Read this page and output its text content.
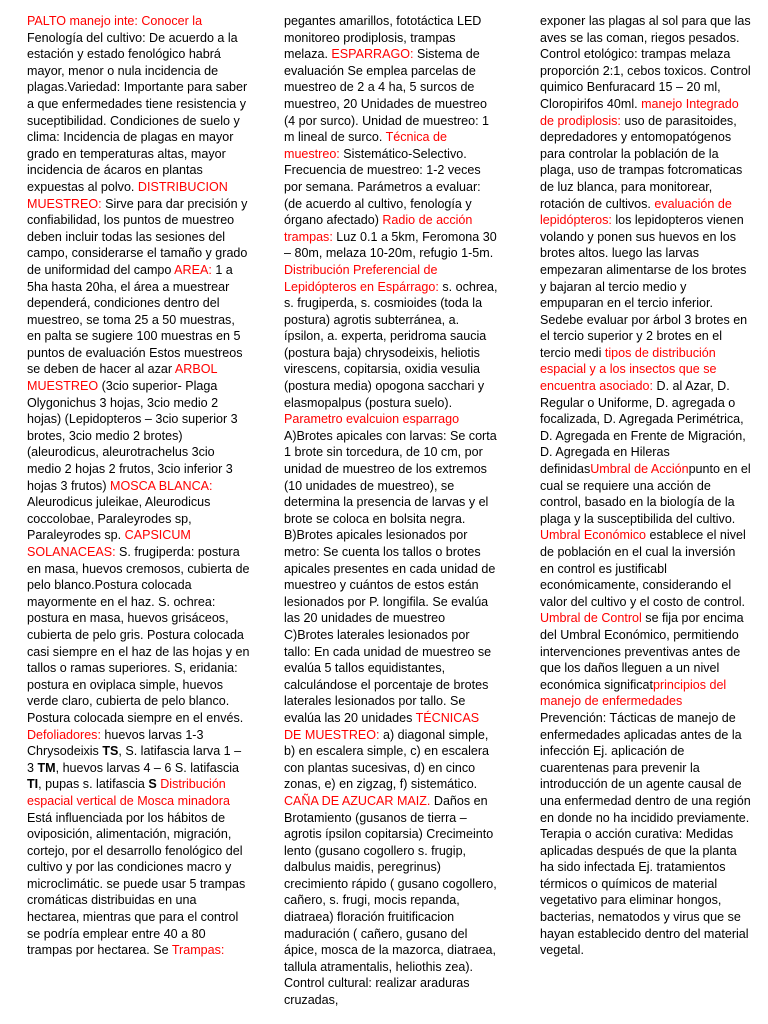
PALTO manejo inte: Conocer la Fenología del cultivo: De acuerdo a la estación y estado fenológico habrá mayor, menor o nula incidencia de plagas.Variedad: Importante para saber a que enfermedades tiene resistencia y suceptibilidad. Condiciones de suelo y clima: Incidencia de plagas en mayor grado en temperaturas altas, mayor incidencia de ácaros en plantas expuestas al polvo. DISTRIBUCION MUESTREO: Sirve para dar precisión y confiabilidad, los puntos de muestreo deben incluir todas las sesiones del campo, considerarse el tamaño y grado de uniformidad del campo AREA: 1 a 5ha hasta 20ha, el área a muestrear dependerá, condiciones dentro del muestreo, se toma 25 a 50 muestras, en palta se sugiere 100 muestras en 5 puntos de evaluación Estos muestreos se deben de hacer al azar ARBOL MUESTREO (3cio superior- Plaga Olygonichus 3 hojas, 3cio medio 2 hojas) (Lepidopteros – 3cio superior 3 brotes, 3cio medio 2 brotes) (aleurodicus, aleurotrachelus 3cio medio 2 hojas 2 frutos, 3cio inferior 3 hojas 3 frutos) MOSCA BLANCA: Aleurodicus juleikae, Aleurodicus coccolobae, Paraleyrodes sp, Paraleyrodes sp. CAPSICUM SOLANACEAS: S. frugiperda: postura en masa, huevos cremosos, cubierta de pelo blanco.Postura colocada mayormente en el haz. S. ochrea: postura en masa, huevos grisáceos, cubierta de pelo gris. Postura colocada casi siempre en el haz de las hojas y en tallos o ramas superiores. S, eridania: postura en oviplaca simple, huevos verde claro, cubierta de pelo blanco. Postura colocada siempre en el envés. Defoliadores: huevos larvas 1-3 Chrysodeixis TS, S. latifascia larva 1 – 3 TM, huevos larvas 4 – 6 S. latifascia TI, pupas s. latifascia S Distribución espacial vertical de Mosca minadora Está influenciada por los hábitos de oviposición, alimentación, migración, cortejo, por el desarrollo fenológico del cultivo y por las condiciones macro y microclimátic. se puede usar 5 trampas cromáticas distribuidas en una hectarea, mientras que para el control se podría emplear entre 40 a 80 trampas por hectarea. Se Trampas:
pegantes amarillos, fototáctica LED monitoreo prodiplosis, trampas melaza. ESPARRAGO: Sistema de evaluación Se emplea parcelas de muestreo de 2 a 4 ha, 5 surcos de muestreo, 20 Unidades de muestreo (4 por surco). Unidad de muestreo: 1 m lineal de surco. Técnica de muestreo: Sistemático-Selectivo. Frecuencia de muestreo: 1-2 veces por semana. Parámetros a evaluar: (de acuerdo al cultivo, fenología y órgano afectado) Radio de acción trampas: Luz 0.1 a 5km, Feromona 30 – 80m, melaza 10-20m, refugio 1-5m. Distribución Preferencial de Lepidópteros en Espárrago: s. ochrea, s. frugiperda, s. cosmioides (toda la postura) agrotis subterránea, a. ípsilon, a. experta, peridroma saucia (postura baja) chrysodeixis, heliotis virescens, copitarsia, oxidia vesulia (postura media) opogona sacchari y elasmopalpus (postura suelo). Parametro evalcuion esparrago A)Brotes apicales con larvas: Se corta 1 brote sin torcedura, de 10 cm, por unidad de muestreo de los extremos (10 unidades de muestreo), se determina la presencia de larvas y el brote se coloca en bolsita negra. B)Brotes apicales lesionados por metro: Se cuenta los tallos o brotes apicales presentes en cada unidad de muestreo y cuántos de estos están lesionados por P. longifila. Se evalúa las 20 unidades de muestreo C)Brotes laterales lesionados por tallo: En cada unidad de muestreo se evalúa 5 tallos equidistantes, calculándose el porcentaje de brotes laterales lesionados por tallo. Se evalúa las 20 unidades TÉCNICAS DE MUESTREO: a) diagonal simple, b) en escalera simple, c) en escalera con plantas sucesivas, d) en cinco zonas, e) en zigzag, f) sistemático. CAÑA DE AZUCAR MAIZ. Daños en Brotamiento (gusanos de tierra – agrotis ípsilon copitarsia) Crecimeinto lento (gusano cogollero s. frugip, dalbulus maidis, peregrinus) crecimiento rápido ( gusano cogollero, cañero, s. frugi, mocis repanda, diatraea) floración fruitificacion maduración ( cañero, gusano del ápice, mosca de la mazorca, diatraea, tallula atramentalis, heliothis zea). Control cultural: realizar araduras cruzadas,
exponer las plagas al sol para que las aves se las coman, riegos pesados. Control etológico: trampas melaza proporción 2:1, cebos toxicos. Control quimico Benfuracard 15 – 20 ml, Cloropirifos 40ml. manejo Integrado de prodiplosis: uso de parasitoides, depredadores y entomopatógenos para controlar la población de la plaga, uso de trampas fotcromaticas de luz blanca, para monitorear, rotación de cultivos. evaluación de lepidópteros: los lepidopteros vienen volando y ponen sus huevos en los brotes altos. luego las larvas empezaran alimentarse de los brotes y bajaran al tercio medio y empuparan en el tercio inferior. Sedebe evaluar por árbol 3 brotes en el tercio superior y 2 brotes en el tercio medi tipos de distribución espacial y a los insectos que se encuentra asociado: D. al Azar, D. Regular o Uniforme, D. agregada o focalizada, D. Agregada Perimétrica, D. Agregada en Frente de Migración, D. Agregada en Hileras definidasUmbral de Acciónpunto en el cual se requiere una acción de control, basado en la biología de la plaga y la susceptibilida del cultivo. Umbral Económico establece el nivel de población en el cual la inversión en control es justificabl económicamente, considerando el valor del cultivo y el costo de control. Umbral de Control se fija por encima del Umbral Económico, permitiendo intervenciones preventivas antes de que los daños lleguen a un nivel económica significatprincipios del manejo de enfermedades Prevención: Tácticas de manejo de enfermedades aplicadas antes de la infección Ej. aplicación de cuarentenas para prevenir la introducción de un agente causal de una enfermedad dentro de una región en donde no ha incidido previamente. Terapia o acción curativa: Medidas aplicadas después de que la planta ha sido infectada Ej. tratamientos térmicos o químicos de material vegetativo para eliminar hongos, bacterias, nematodos y virus que se hayan establecido dentro del material vegetal.
